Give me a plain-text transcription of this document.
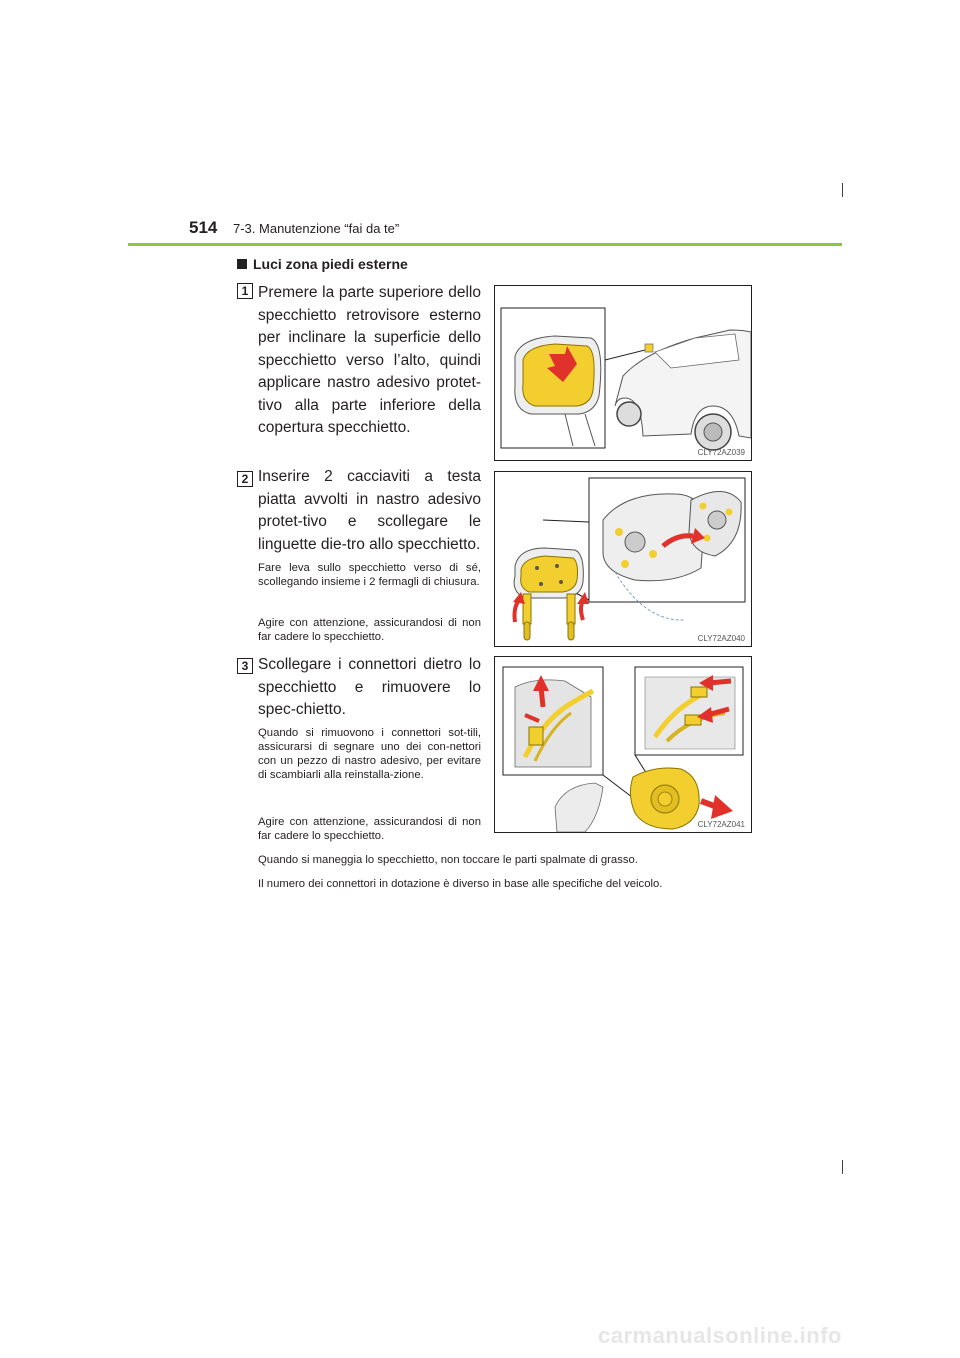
514 7-3. Manutenzione “fai da te”
Luci zona piedi esterne
1 Premere la parte superiore dello specchietto retrovisore esterno per inclinare la superficie dello specchietto verso l’alto, quindi applicare nastro adesivo protet-tivo alla parte inferiore della copertura specchietto.
CLY72AZ039
2 Inserire 2 cacciaviti a testa piatta avvolti in nastro adesivo protet-tivo e scollegare le linguette die-tro allo specchietto.
Fare leva sullo specchietto verso di sé, scollegando insieme i 2 fermagli di chiusura.
Agire con attenzione, assicurandosi di non far cadere lo specchietto.	CLY72AZ040
3 Scollegare i connettori dietro lo specchietto e rimuovere lo spec-chietto.
Quando si rimuovono i connettori sot-tili, assicurarsi di segnare uno dei con-nettori con un pezzo di nastro adesivo, per evitare di scambiarli alla reinstalla-zione.
Agire con attenzione, assicurandosi di non far cadere lo specchietto.
CLY72AZ041
Quando si maneggia lo specchietto, non toccare le parti spalmate di grasso.
Il numero dei connettori in dotazione è diverso in base alle specifiche del veicolo.
carmanualsonline.info
